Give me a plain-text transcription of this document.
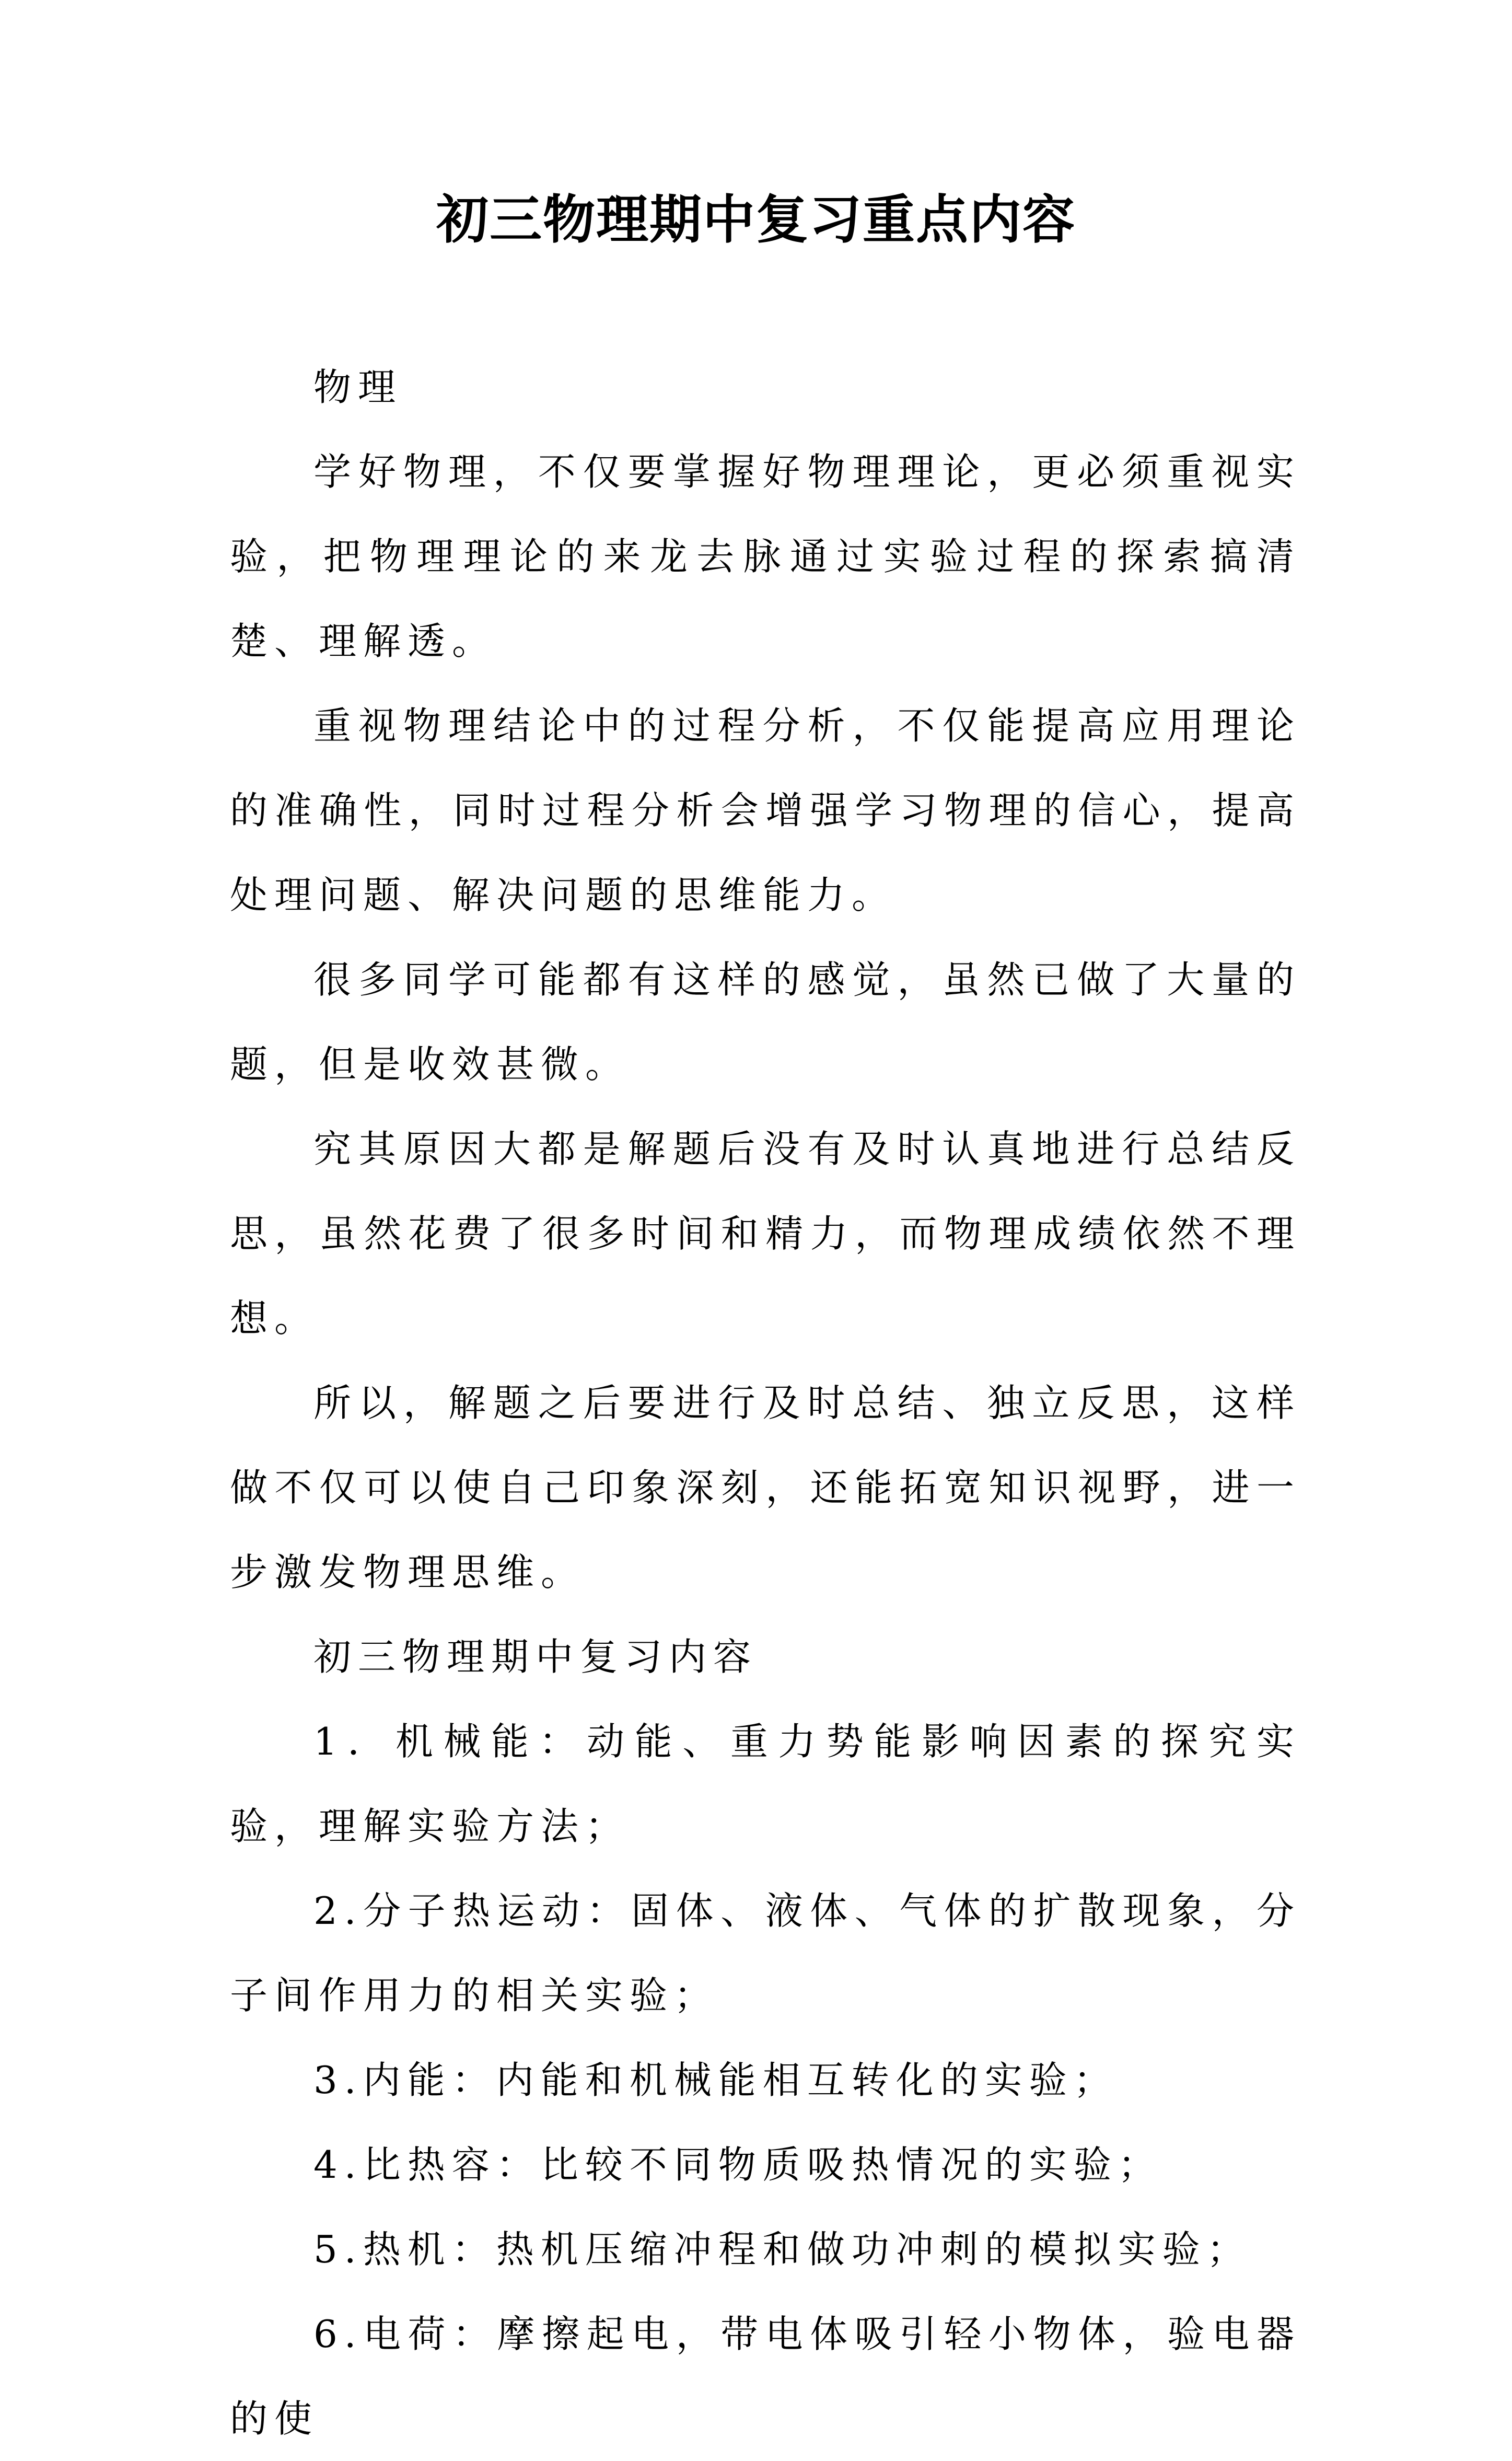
初三物理期中复习重点内容

物理

学好物理，不仅要掌握好物理理论，更必须重视实验，把物理理论的来龙去脉通过实验过程的探索搞清楚、理解透。

重视物理结论中的过程分析，不仅能提高应用理论的准确性，同时过程分析会增强学习物理的信心，提高处理问题、解决问题的思维能力。

很多同学可能都有这样的感觉，虽然已做了大量的题，但是收效甚微。

究其原因大都是解题后没有及时认真地进行总结反思，虽然花费了很多时间和精力，而物理成绩依然不理想。

所以，解题之后要进行及时总结、独立反思，这样做不仅可以使自己印象深刻，还能拓宽知识视野，进一步激发物理思维。

初三物理期中复习内容

1．机械能：动能、重力势能影响因素的探究实验，理解实验方法；

2.分子热运动：固体、液体、气体的扩散现象，分子间作用力的相关实验；

3.内能：内能和机械能相互转化的实验；

4.比热容：比较不同物质吸热情况的实验；

5.热机：热机压缩冲程和做功冲刺的模拟实验；

6.电荷：摩擦起电，带电体吸引轻小物体，验电器的使
